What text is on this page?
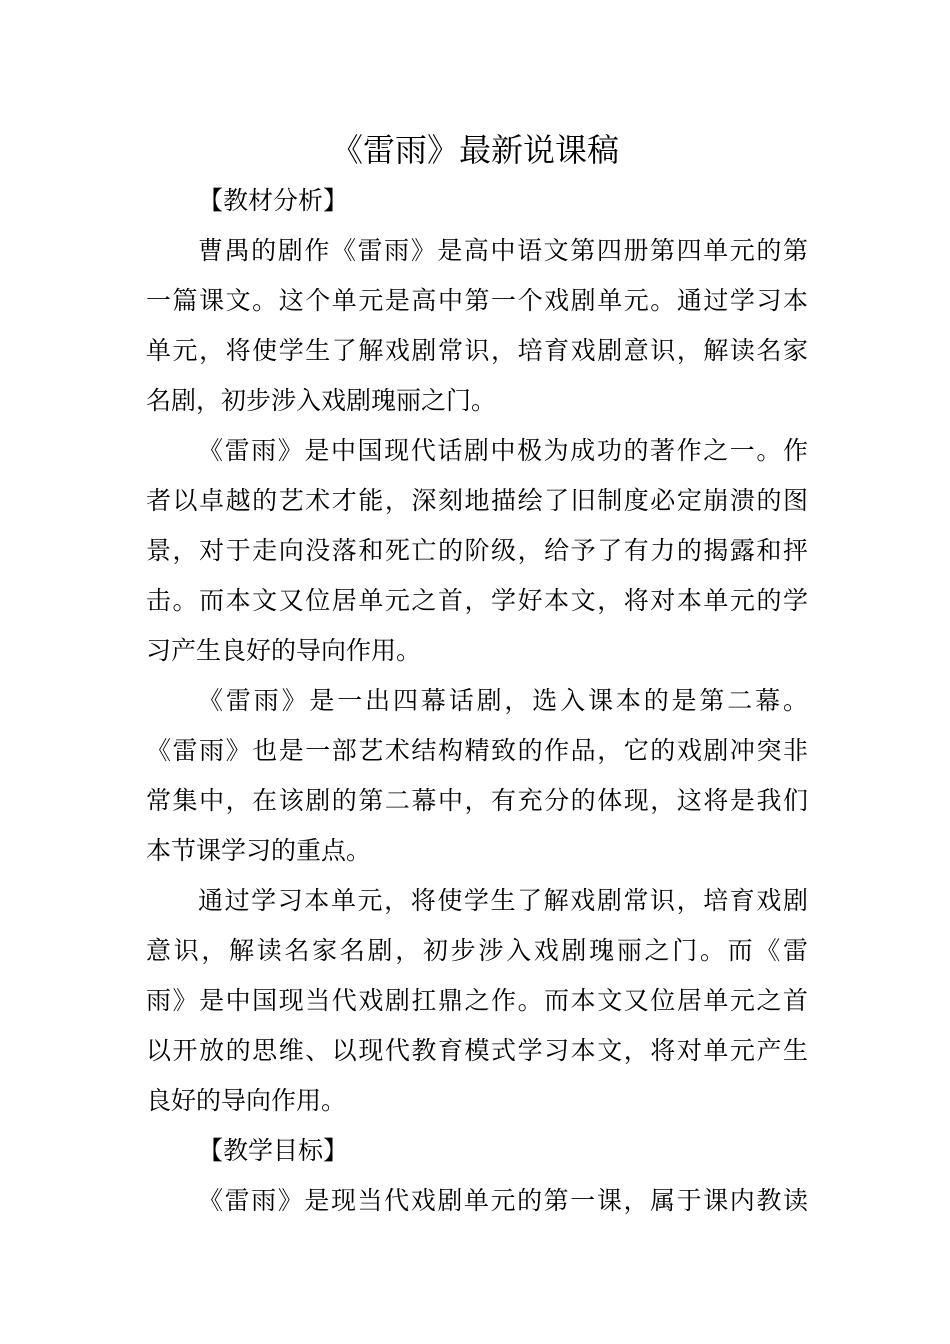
《雷雨》最新说课稿
【教材分析】
曹禺的剧作《雷雨》是高中语文第四册第四单元的第
一篇课文。这个单元是高中第一个戏剧单元。通过学习本
单元，将使学生了解戏剧常识，培育戏剧意识，解读名家
名剧，初步涉入戏剧瑰丽之门。
《雷雨》是中国现代话剧中极为成功的著作之一。作
者以卓越的艺术才能，深刻地描绘了旧制度必定崩溃的图
景，对于走向没落和死亡的阶级，给予了有力的揭露和抨
击。而本文又位居单元之首，学好本文，将对本单元的学
习产生良好的导向作用。
《雷雨》是一出四幕话剧，选入课本的是第二幕。
《雷雨》也是一部艺术结构精致的作品，它的戏剧冲突非
常集中，在该剧的第二幕中，有充分的体现，这将是我们
本节课学习的重点。
通过学习本单元，将使学生了解戏剧常识，培育戏剧
意识，解读名家名剧，初步涉入戏剧瑰丽之门。而《雷
雨》是中国现当代戏剧扛鼎之作。而本文又位居单元之首
以开放的思维、以现代教育模式学习本文，将对单元产生
良好的导向作用。
【教学目标】
《雷雨》是现当代戏剧单元的第一课，属于课内教读
